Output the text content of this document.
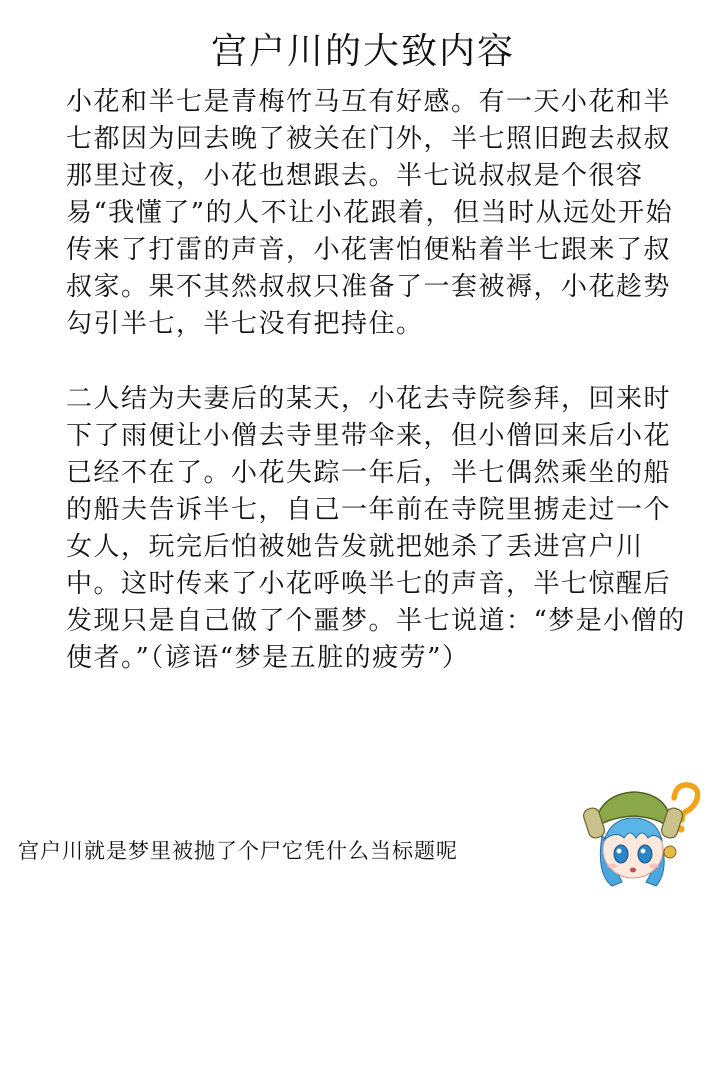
宫户川的大致内容

小花和半七是青梅竹马互有好感。有一天小花和半七都因为回去晚了被关在门外，半七照旧跑去叔叔那里过夜，小花也想跟去。半七说叔叔是个很容易“我懂了”的人不让小花跟着，但当时从远处开始传来了打雷的声音，小花害怕便粘着半七跟来了叔叔家。果不其然叔叔只准备了一套被褥，小花趁势勾引半七，半七没有把持住。

二人结为夫妻后的某天，小花去寺院参拜，回来时下了雨便让小僧去寺里带伞来，但小僧回来后小花已经不在了。小花失踪一年后，半七偶然乘坐的船的船夫告诉半七，自己一年前在寺院里掳走过一个女人，玩完后怕被她告发就把她杀了丢进宫户川中。这时传来了小花呼唤半七的声音，半七惊醒后发现只是自己做了个噩梦。半七说道：“梦是小僧的使者。”（谚语“梦是五脏的疲劳”）

宫户川就是梦里被抛了个尸它凭什么当标题呢
